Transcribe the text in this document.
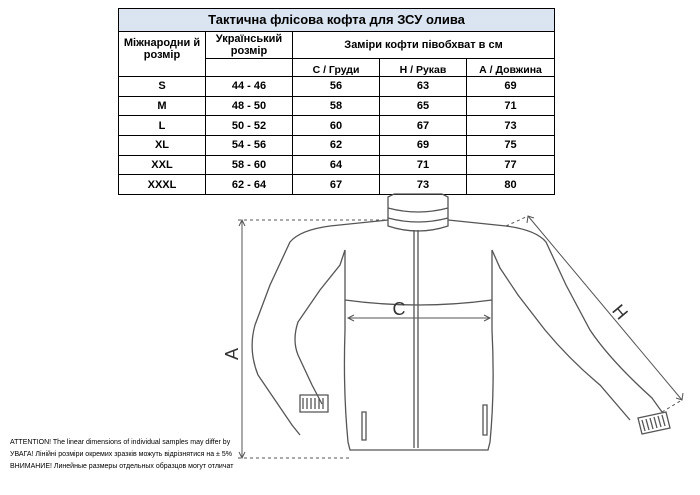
Тактична флісова кофта для ЗСУ олива				
Міжнародни й розмір	Український розмір	Заміри кофти півобхват в см		
		С / Груди	Н / Рукав	А / Довжина
S	44 - 46	56	63	69
M	48 - 50	58	65	71
L	50 - 52	60	67	73
XL	54 - 56	62	69	75
XXL	58 - 60	64	71	77
XXXL	62 - 64	67	73	80
A
C	H
ATTENTION! The linear dimensions of individual samples may differ by
УВАГА! Лінійні розміри окремих зразків можуть відрізнятися на ± 5%
ВНИМАНИЕ! Линейные размеры отдельных образцов могут отличат
